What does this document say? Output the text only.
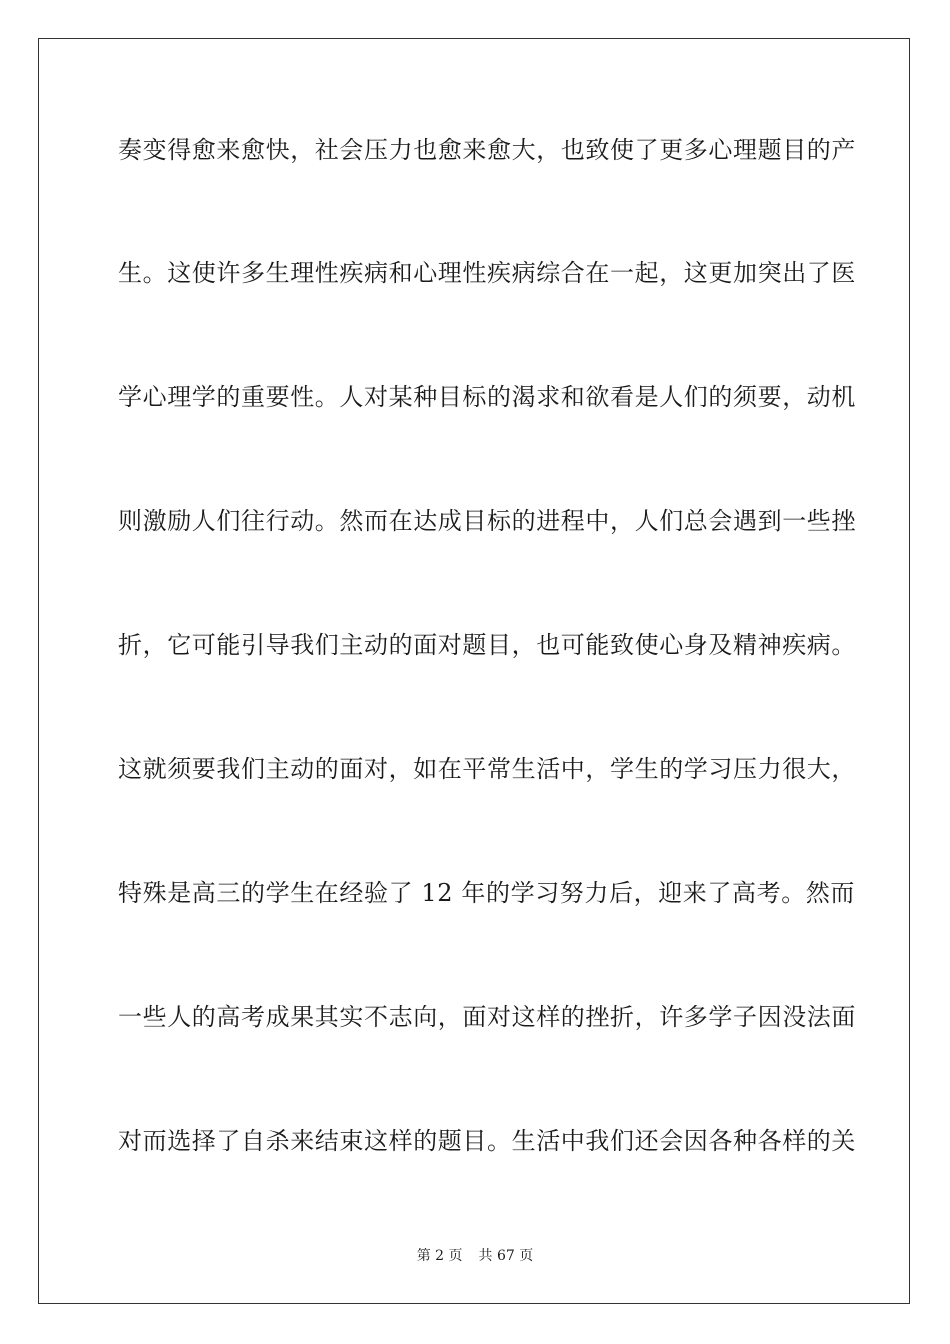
奏变得愈来愈快，社会压力也愈来愈大，也致使了更多心理题目的产
生。这使许多生理性疾病和心理性疾病综合在一起，这更加突出了医
学心理学的重要性。人对某种目标的渴求和欲看是人们的须要，动机
则激励人们往行动。然而在达成目标的进程中，人们总会遇到一些挫
折，它可能引导我们主动的面对题目，也可能致使心身及精神疾病。
这就须要我们主动的面对，如在平常生活中，学生的学习压力很大，
特殊是高三的学生在经验了 12 年的学习努力后，迎来了高考。然而
一些人的高考成果其实不志向，面对这样的挫折，许多学子因没法面
对而选择了自杀来结束这样的题目。生活中我们还会因各种各样的关
第 2 页 共 67 页
